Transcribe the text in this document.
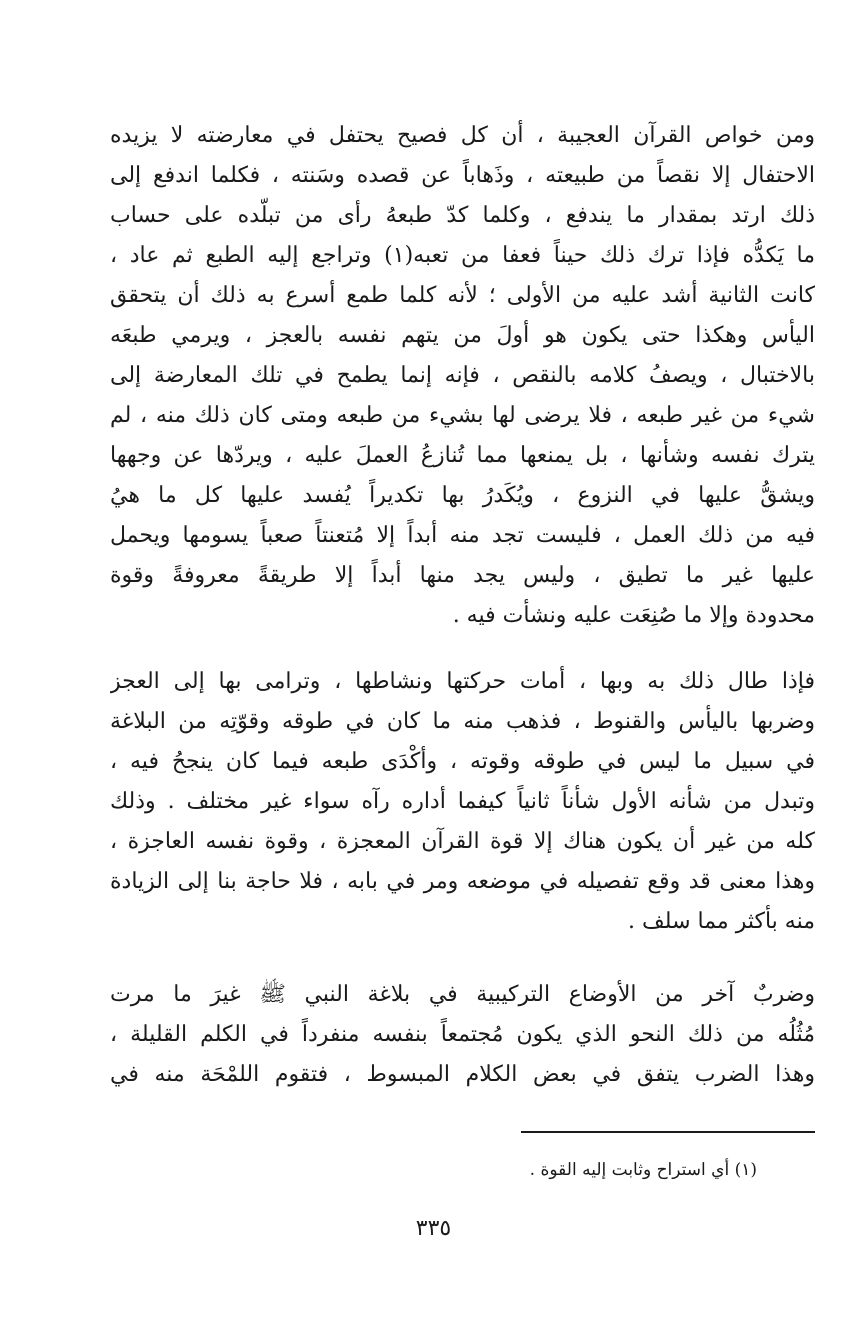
ومن خواص القرآن العجيبة ، أن كل فصيح يحتفل في معارضته لا يزيده
الاحتفال إلا نقصاً من طبيعته ، وذَهاباً عن قصده وسَنته ، فكلما اندفع إلى
ذلك ارتد بمقدار ما يندفع ، وكلما كدّ طبعهُ رأى من تبلّده على حساب
ما يَكدُّه فإذا ترك ذلك حيناً فعفا من تعبه(١) وتراجع إليه الطبع ثم عاد ،
كانت الثانية أشد عليه من الأولى ؛ لأنه كلما طمع أسرع به ذلك أن يتحقق
اليأس وهكذا حتى يكون هو أولَ من يتهم نفسه بالعجز ، ويرمي طبعَه
بالاختبال ، ويصفُ كلامه بالنقص ، فإنه إنما يطمح في تلك المعارضة إلى
شيء من غير طبعه ، فلا يرضى لها بشيء من طبعه ومتى كان ذلك منه ، لم
يترك نفسه وشأنها ، بل يمنعها مما تُنازعُ العملَ عليه ، ويردّها عن وجهها
ويشقُّ عليها في النزوع ، ويُكَدرُ بها تكديراً يُفسد عليها كل ما هيُ
فيه من ذلك العمل ، فليست تجد منه أبداً إلا مُتعنتاً صعباً يسومها ويحمل
عليها غير ما تطيق ، وليس يجد منها أبداً إلا طريقةً معروفةً وقوة
محدودة وإلا ما صُنِعَت عليه ونشأت فيه .
فإذا طال ذلك به وبها ، أمات حركتها ونشاطها ، وترامى بها إلى العجز
وضربها باليأس والقنوط ، فذهب منه ما كان في طوقه وقوّتِه من البلاغة
في سبيل ما ليس في طوقه وقوته ، وأكْدَى طبعه فيما كان ينجحُ فيه ،
وتبدل من شأنه الأول شأناً ثانياً كيفما أداره رآه سواء غير مختلف . وذلك
كله من غير أن يكون هناك إلا قوة القرآن المعجزة ، وقوة نفسه العاجزة ،
وهذا معنى قد وقع تفصيله في موضعه ومر في بابه ، فلا حاجة بنا إلى الزيادة
منه بأكثر مما سلف .
وضربٌ آخر من الأوضاع التركيبية في بلاغة النبي ﷺ غيرَ ما مرت
مُثُلُه من ذلك النحو الذي يكون مُجتمعاً بنفسه منفرداً في الكلم القليلة ،
وهذا الضرب يتفق في بعض الكلام المبسوط ، فتقوم اللمْحَة منه في
(١) أي استراح وثابت إليه القوة .
٣٣٥
